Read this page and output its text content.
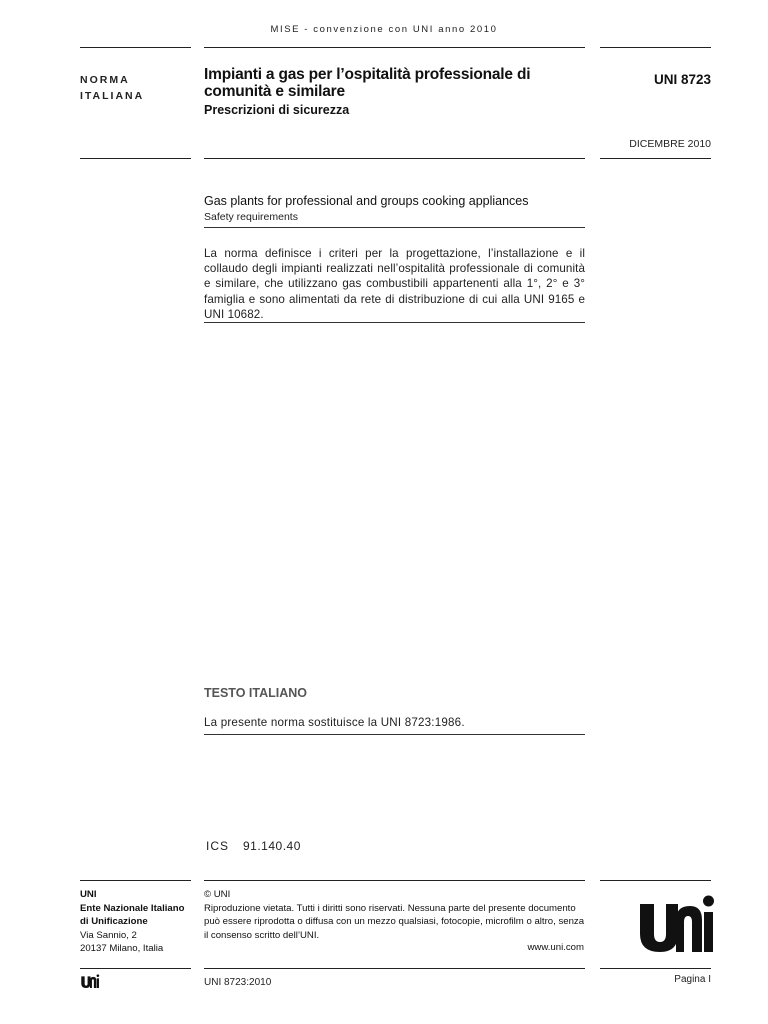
MISE - convenzione con UNI anno 2010
NORMA
ITALIANA
Impianti a gas per l’ospitalità professionale di
comunità e similare
Prescrizioni di sicurezza
UNI 8723
DICEMBRE 2010
Gas plants for professional and groups cooking appliances
Safety requirements
La norma definisce i criteri per la progettazione, l’installazione e il collaudo degli impianti realizzati nell’ospitalità professionale di comunità e similare, che utilizzano gas combustibili appartenenti alla 1°, 2° e 3° famiglia e sono alimentati da rete di distribuzione di cui alla UNI 9165 e UNI 10682.
TESTO ITALIANO
La presente norma sostituisce la UNI 8723:1986.
ICS 91.140.40
UNI
Ente Nazionale Italiano
di Unificazione
Via Sannio, 2
20137 Milano, Italia
© UNI
Riproduzione vietata. Tutti i diritti sono riservati. Nessuna parte del presente documento
può essere riprodotta o diffusa con un mezzo qualsiasi, fotocopie, microfilm o altro, senza
il consenso scritto dell’UNI.
www.uni.com
UNI 8723:2010	Pagina I
